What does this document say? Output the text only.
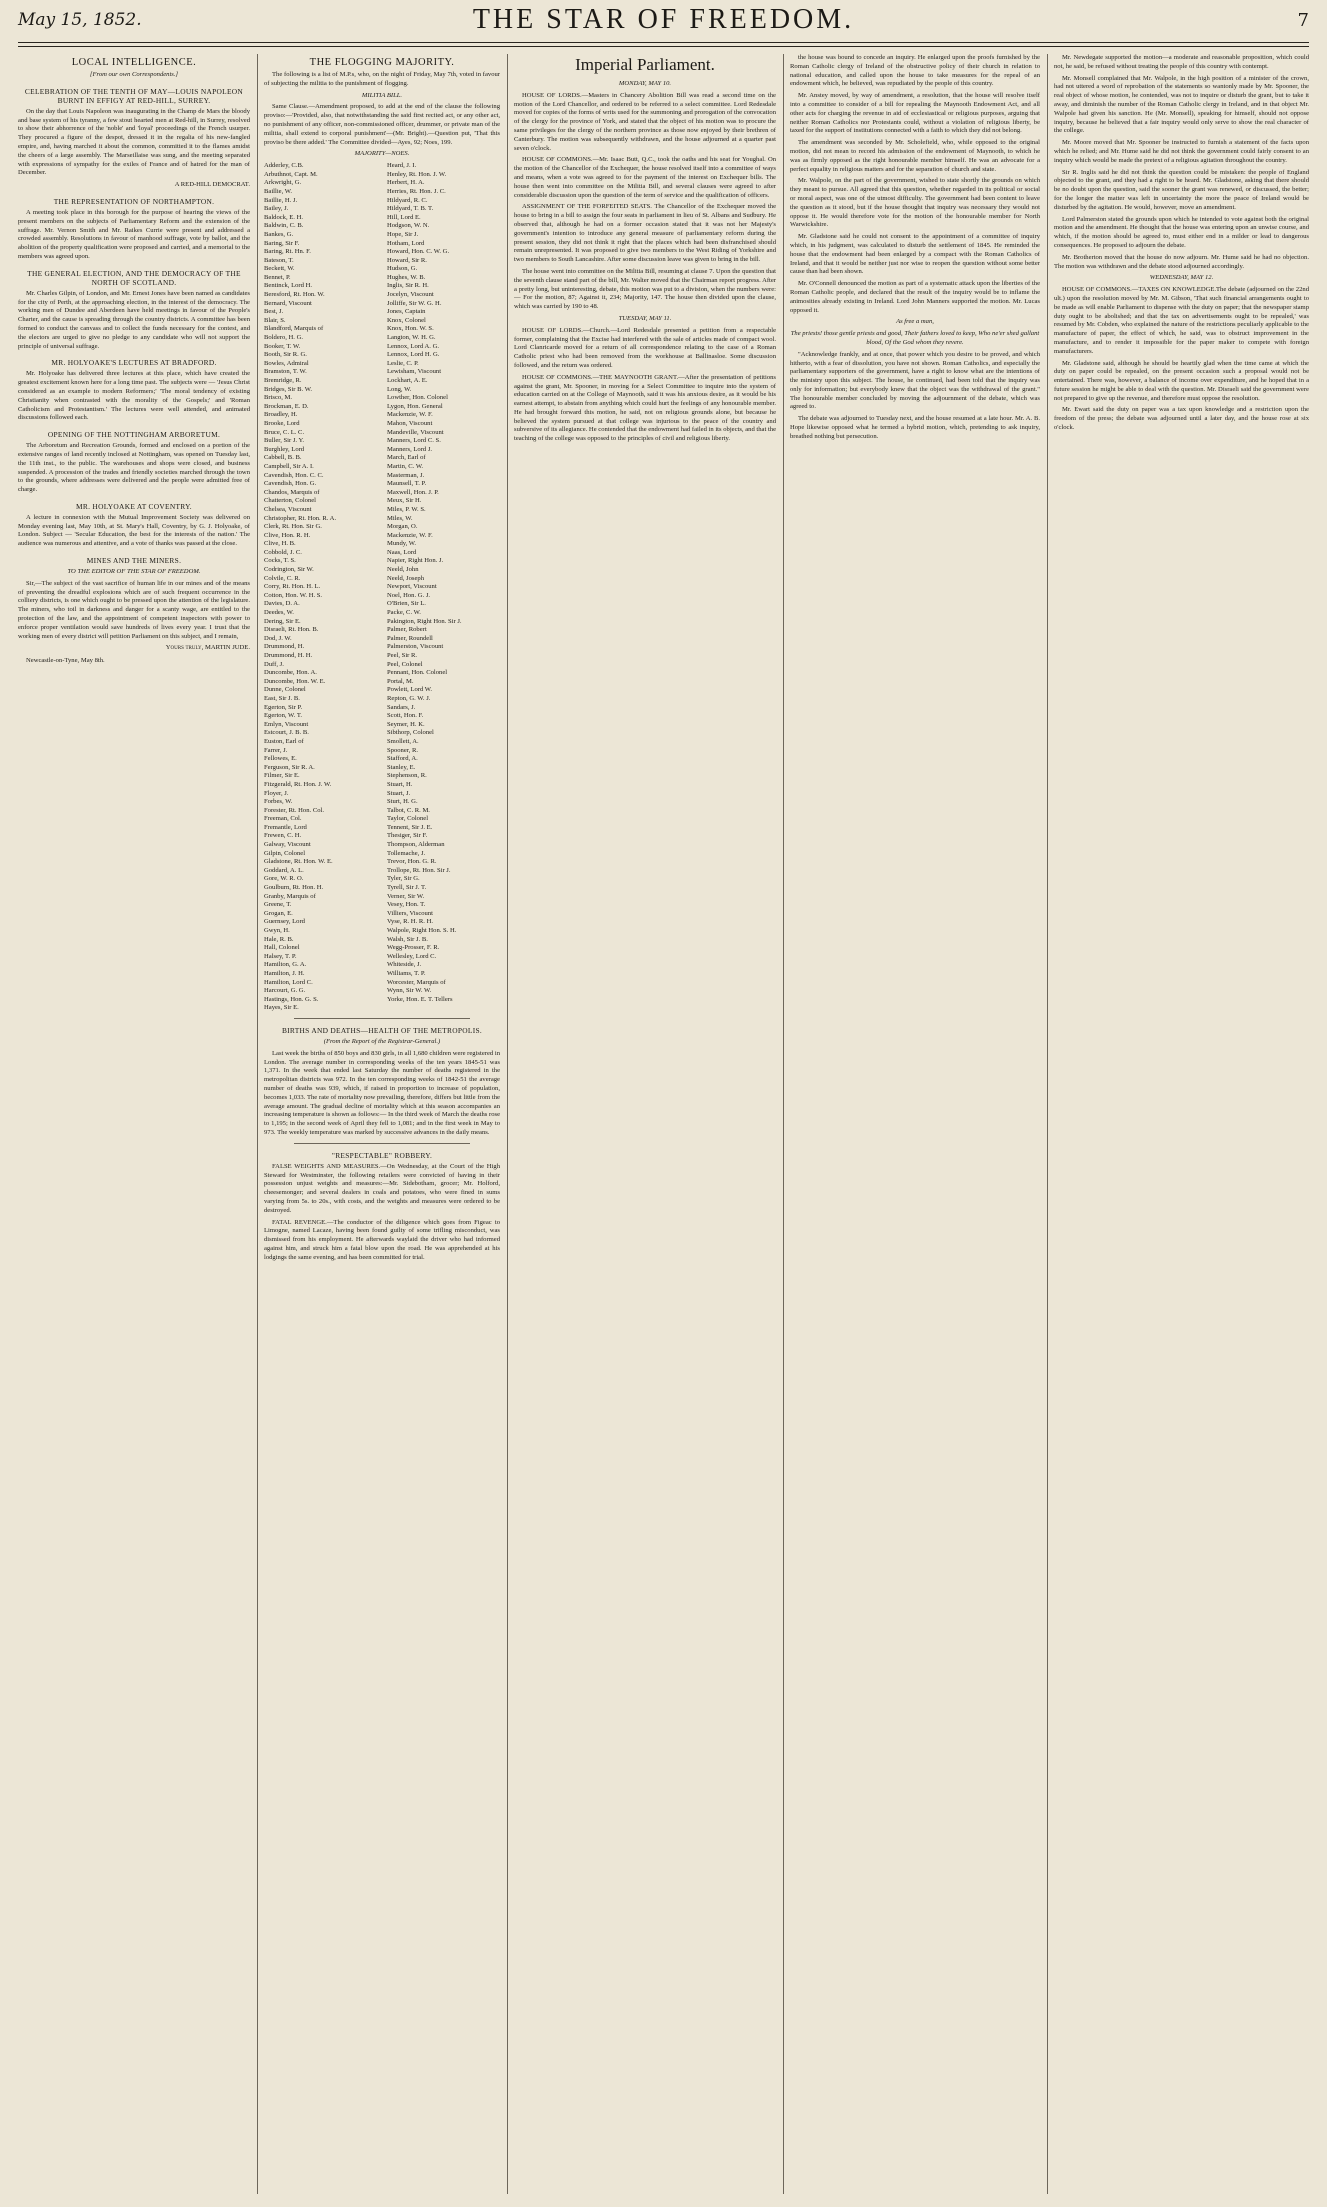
May 15, 1852.	THE STAR OF FREEDOM.	7
LOCAL INTELLIGENCE.
[From our own Correspondents.]
CELEBRATION OF THE TENTH OF MAY—LOUIS NAPOLEON BURNT IN EFFIGY AT RED-HILL, SURREY.

On the day that Louis Napoleon was inaugurating in the Champ de Mars the bloody and base system of his tyranny, a few stout hearted men at Red-hill, in Surrey, resolved to show their abhorrence of the 'noble' and 'loyal' proceedings of the French usurper. They procured a figure of the despot, dressed it in the regalia of his new-fangled empire, and, having marched it about the common, committed it to the flames amidst the cheers of a large assembly. The Marseillaise was sung, and the meeting separated with expressions of sympathy for the exiles of France and of hatred for the man of December.

A RED-HILL DEMOCRAT.
THE REPRESENTATION OF NORTHAMPTON.

A meeting took place in this borough for the purpose of hearing the views of the present members on the subjects of Parliamentary Reform and the extension of the suffrage. Mr. Vernon Smith and Mr. Raikes Currie were present and addressed a crowded assembly. Resolutions in favour of manhood suffrage, vote by ballot, and the abolition of the property qualification were proposed and carried, and a memorial to the members was agreed upon.

THE GENERAL ELECTION, AND THE DEMOCRACY OF THE NORTH OF SCOTLAND.

Mr. Charles Gilpin, of London, and Mr. Ernest Jones have been named as candidates for the city of Perth, at the approaching election, in the interest of the democracy. The working men of Dundee and Aberdeen have held meetings in favour of the People's Charter, and the cause is spreading through the country districts. A committee has been formed to conduct the canvass and to collect the funds necessary for the contest, and the electors are urged to give no pledge to any candidate who will not support the principle of universal suffrage.

MR. HOLYOAKE'S LECTURES AT BRADFORD.

Mr. Holyoake has delivered three lectures at this place, which have created the greatest excitement known here for a long time past. The subjects were — 'Jesus Christ considered as an example to modern Reformers;' 'The moral tendency of existing Christianity when contrasted with the morality of the Gospels;' and 'Roman Catholicism and Protestantism.' The lectures were well attended, and animated discussions followed each.

OPENING OF THE NOTTINGHAM ARBORETUM.

The Arboretum and Recreation Grounds, formed and enclosed on a portion of the extensive ranges of land recently inclosed at Nottingham, was opened on Tuesday last, the 11th inst., to the public. The warehouses and shops were closed, and business suspended. A procession of the trades and friendly societies marched through the town to the grounds, where addresses were delivered and the people were admitted free of charge.

MR. HOLYOAKE AT COVENTRY.

A lecture in connexion with the Mutual Improvement Society was delivered on Monday evening last, May 10th, at St. Mary's Hall, Coventry, by G. J. Holyoake, of London. Subject — 'Secular Education, the best for the interests of the nation.' The audience was numerous and attentive, and a vote of thanks was passed at the close.

MINES AND THE MINERS.
TO THE EDITOR OF THE STAR OF FREEDOM.

Sir,—The subject of the vast sacrifice of human life in our mines and of the means of preventing the dreadful explosions which are of such frequent occurrence in the colliery districts, is one which ought to be pressed upon the attention of the legislature. The miners, who toil in darkness and danger for a scanty wage, are entitled to the protection of the law, and the appointment of competent inspectors with power to enforce proper ventilation would save hundreds of lives every year. I trust that the working men of every district will petition Parliament on this subject, and I remain,

Yours truly, MARTIN JUDE.

Newcastle-on-Tyne, May 8th.

THE FLOGGING MAJORITY.

The following is a list of M.P.s, who, on the night of Friday, May 7th, voted in favour of subjecting the militia to the punishment of flogging.

MILITIA BILL.

Same Clause.—Amendment proposed, to add at the end of the clause the following proviso:—'Provided, also, that notwithstanding the said first recited act, or any other act, no punishment of any officer, non-commissioned officer, drummer, or private man of the militia, shall extend to corporal punishment'—(Mr. Bright).—Question put, 'That this proviso be there added.' The Committee divided—Ayes, 92; Noes, 199.

MAJORITY—NOES.
Adderley, C.B.
Arbuthnot, Capt. M.
Arkwright, G.
Baillie, W.
Baillie, H. J.
Bailey, J.
Baldock, E. H.
Baldwin, C. B.
Bankes, G.
Baring, Sir F.
Baring, Rt. Hn. F.
Bateson, T.
Beckett, W.
Bennet, P.
Bentinck, Lord H.
Beresford, Rt. Hon. W.
Bernard, Viscount
Best, J.
Blair, S.
Blandford, Marquis of
Boldero, H. G.
Booker, T. W.
Booth, Sir R. G.
Bowles, Admiral
Bramston, T. W.
Bremridge, R.
Bridges, Sir B. W.
Brisco, M.
Brockman, E. D.
Broadley, H.
Brooke, Lord
Bruce, C. L. C.
Buller, Sir J. Y.
Burghley, Lord
Cabbell, B. B.
Campbell, Sir A. I.
Cavendish, Hon. C. C.
Cavendish, Hon. G.
Chandos, Marquis of
Chatterton, Colonel
Chelsea, Viscount
Christopher, Rt. Hon. R. A.
Clerk, Rt. Hon. Sir G.
Clive, Hon. R. H.
Clive, H. B.
Cobbold, J. C.
Cocks, T. S.
Codrington, Sir W.
Colvile, C. R.
Corry, Rt. Hon. H. L.
Cotton, Hon. W. H. S.
Davies, D. A.
Deedes, W.
Dering, Sir E.
Disraeli, Rt. Hon. B.
Dod, J. W.
Drummond, H.
Drummond, H. H.
Duff, J.
Duncombe, Hon. A.
Duncombe, Hon. W. E.
Dunne, Colonel
East, Sir J. B.
Egerton, Sir P.
Egerton, W. T.
Emlyn, Viscount
Estcourt, J. B. B.
Euston, Earl of
Farrer, J.
Fellowes, E.
Ferguson, Sir R. A.
Filmer, Sir E.
Fitzgerald, Rt. Hon. J. W.
Floyer, J.
Forbes, W.
Forester, Rt. Hon. Col.
Freeman, Col.
Fremantle, Lord
Frewen, C. H.
Galway, Viscount
Gilpin, Colonel
Gladstone, Rt. Hon. W. E.
Goddard, A. L.
Gore, W. R. O.
Goulburn, Rt. Hon. H.
Granby, Marquis of
Greene, T.
Grogan, E.
Guernsey, Lord
Gwyn, H.
Hale, R. B.
Hall, Colonel
Halsey, T. P.
Hamilton, G. A.
Hamilton, J. H.
Hamilton, Lord C.
Harcourt, G. G.
Hastings, Hon. G. S.
Hayes, Sir E.
Heard, J. I.
Henley, Rt. Hon. J. W.
Herbert, H. A.
Herries, Rt. Hon. J. C.
Hildyard, R. C.
Hildyard, T. B. T.
Hill, Lord E.
Hodgson, W. N.
Hope, Sir J.
Hotham, Lord
Howard, Hon. C. W. G.
Howard, Sir R.
Hudson, G.
Hughes, W. B.
Inglis, Sir R. H.
Jocelyn, Viscount
Jolliffe, Sir W. G. H.
Jones, Captain
Knox, Colonel
Knox, Hon. W. S.
Langton, W. H. G.
Lennox, Lord A. G.
Lennox, Lord H. G.
Leslie, C. P.
Lewisham, Viscount
Lockhart, A. E.
Long, W.
Lowther, Hon. Colonel
Lygon, Hon. General
Mackenzie, W. F.
Mahon, Viscount
Mandeville, Viscount
Manners, Lord C. S.
Manners, Lord J.
March, Earl of
Martin, C. W.
Masterman, J.
Maunsell, T. P.
Maxwell, Hon. J. P.
Meux, Sir H.
Miles, P. W. S.
Miles, W.
Morgan, O.
Mackenzie, W. F.
Mundy, W.
Naas, Lord
Napier, Right Hon. J.
Neeld, John
Neeld, Joseph
Newport, Viscount
Noel, Hon. G. J.
O'Brien, Sir L.
Packe, C. W.
Pakington, Right Hon. Sir J.
Palmer, Robert
Palmer, Roundell
Palmerston, Viscount
Peel, Sir R.
Peel, Colonel
Pennant, Hon. Colonel
Portal, M.
Powlett, Lord W.
Repton, G. W. J.
Sandars, J.
Scott, Hon. F.
Seymer, H. K.
Sibthorp, Colonel
Smollett, A.
Spooner, R.
Stafford, A.
Stanley, E.
Stephenson, R.
Stuart, H.
Stuart, J.
Sturt, H. G.
Talbot, C. R. M.
Taylor, Colonel
Tennent, Sir J. E.
Thesiger, Sir F.
Thompson, Alderman
Tollemache, J.
Trevor, Hon. G. R.
Trollope, Rt. Hon. Sir J.
Tyler, Sir G.
Tyrell, Sir J. T.
Verner, Sir W.
Vesey, Hon. T.
Villiers, Viscount
Vyse, R. H. R. H.
Walpole, Right Hon. S. H.
Walsh, Sir J. B.
Wegg-Prosser, F. R.
Wellesley, Lord C.
Whiteside, J.
Williams, T. P.
Worcester, Marquis of
Wynn, Sir W. W.
Yorke, Hon. E. T. Tellers
BIRTHS AND DEATHS—HEALTH OF THE METROPOLIS.
(From the Report of the Registrar-General.)

Last week the births of 850 boys and 830 girls, in all 1,680 children were registered in London. The average number in corresponding weeks of the ten years 1845-51 was 1,371. In the week that ended last Saturday the number of deaths registered in the metropolitan districts was 972. In the ten corresponding weeks of 1842-51 the average number of deaths was 939, which, if raised in proportion to increase of population, becomes 1,033. The rate of mortality now prevailing, therefore, differs but little from the average amount. The gradual decline of mortality which at this season accompanies an increasing temperature is shown as follows:— In the third week of March the deaths rose to 1,195; in the second week of April they fell to 1,081; and in the first week in May to 973. The weekly temperature was marked by successive advances in the daily means.

"RESPECTABLE" ROBBERY.

FALSE WEIGHTS AND MEASURES.—On Wednesday, at the Court of the High Steward for Westminster, the following retailers were convicted of having in their possession unjust weights and measures:—Mr. Sidebotham, grocer; Mr. Holford, cheesemonger; and several dealers in coals and potatoes, who were fined in sums varying from 5s. to 20s., with costs, and the weights and measures were ordered to be destroyed.

FATAL REVENGE.—The conductor of the diligence which goes from Figeac to Limogne, named Lacaze, having been found guilty of some trifling misconduct, was dismissed from his employment. He afterwards waylaid the driver who had informed against him, and struck him a fatal blow upon the road. He was apprehended at his lodgings the same evening, and has been committed for trial.

Imperial Parliament.
MONDAY, MAY 10.

HOUSE OF LORDS.—Masters in Chancery Abolition Bill was read a second time on the motion of the Lord Chancellor, and ordered to be referred to a select committee. Lord Redesdale moved for copies of the forms of writs used for the summoning and prorogation of the convocation of the clergy for the province of York, and stated that the object of his motion was to procure the same privileges for the clergy of the northern province as those now enjoyed by their brethren of Canterbury. The motion was subsequently withdrawn, and the house adjourned at a quarter past seven o'clock.

HOUSE OF COMMONS.—Mr. Isaac Butt, Q.C., took the oaths and his seat for Youghal. On the motion of the Chancellor of the Exchequer, the house resolved itself into a committee of ways and means, when a vote was agreed to for the payment of the interest on Exchequer bills. The house then went into committee on the Militia Bill, and several clauses were agreed to after considerable discussion upon the question of the term of service and the qualification of officers.

ASSIGNMENT OF THE FORFEITED SEATS. The Chancellor of the Exchequer moved the house to bring in a bill to assign the four seats in parliament in lieu of St. Albans and Sudbury. He observed that, although he had on a former occasion stated that it was not her Majesty's government's intention to introduce any general measure of parliamentary reform during the present session, they did not think it right that the places which had been disfranchised should remain unrepresented. It was proposed to give two members to the West Riding of Yorkshire and two members to South Lancashire. After some discussion leave was given to bring in the bill.

The house went into committee on the Militia Bill, resuming at clause 7. Upon the question that the seventh clause stand part of the bill, Mr. Walter moved that the Chairman report progress. After a pretty long, but uninteresting, debate, this motion was put to a division, when the numbers were:— For the motion, 87; Against it, 234; Majority, 147. The house then divided upon the clause, which was carried by 190 to 48.

TUESDAY, MAY 11.

HOUSE OF LORDS.—Church.—Lord Redesdale presented a petition from a respectable former, complaining that the Excise had interfered with the sale of articles made of compact wool. Lord Clanricarde moved for a return of all correspondence relating to the case of a Roman Catholic priest who had been removed from the workhouse at Ballinasloe. Some discussion followed, and the return was ordered.

HOUSE OF COMMONS.—THE MAYNOOTH GRANT.—After the presentation of petitions against the grant, Mr. Spooner, in moving for a Select Committee to inquire into the system of education carried on at the College of Maynooth, said it was his anxious desire, as it would be his earnest attempt, to abstain from anything which could hurt the feelings of any honourable member. He had brought forward this motion, he said, not on religious grounds alone, but because he believed the system pursued at that college was injurious to the peace of the country and subversive of its allegiance. He contended that the endowment had failed in its objects, and that the teaching of the college was opposed to the principles of civil and religious liberty.

the house was bound to concede an inquiry. He enlarged upon the proofs furnished by the Roman Catholic clergy of Ireland of the obstructive policy of their church in relation to national education, and called upon the house to take measures for the repeal of an endowment which, he believed, was repudiated by the people of this country.

Mr. Anstey moved, by way of amendment, a resolution, that the house will resolve itself into a committee to consider of a bill for repealing the Maynooth Endowment Act, and all other acts for charging the revenue in aid of ecclesiastical or religious purposes, arguing that neither Roman Catholics nor Protestants could, without a violation of religious liberty, be taxed for the support of institutions connected with a faith to which they did not belong.

The amendment was seconded by Mr. Scholefield, who, while opposed to the original motion, did not mean to record his admission of the endowment of Maynooth, to which he was as firmly opposed as the right honourable member himself. He was an advocate for a perfect equality in religious matters and for the separation of church and state.

Mr. Walpole, on the part of the government, wished to state shortly the grounds on which they meant to pursue. All agreed that this question, whether regarded in its political or social or moral aspect, was one of the utmost difficulty. The government had been content to leave the question as it stood, but if the house thought that inquiry was necessary they would not oppose it. He would therefore vote for the motion of the honourable member for North Warwickshire.

Mr. Gladstone said he could not consent to the appointment of a committee of inquiry which, in his judgment, was calculated to disturb the settlement of 1845. He reminded the house that the endowment had been enlarged by a compact with the Roman Catholics of Ireland, and that it would be neither just nor wise to reopen the question without some better cause than had been shown.

Mr. O'Connell denounced the motion as part of a systematic attack upon the liberties of the Roman Catholic people, and declared that the result of the inquiry would be to inflame the animosities already existing in Ireland. Lord John Manners supported the motion. Mr. Lucas opposed it.

As free a man,
The priests! those gentle priests and good, Their fathers loved to keep, Who ne'er shed gallant blood, Of the God whom they revere.

"Acknowledge frankly, and at once, that power which you desire to be proved, and which hitherto, with a fear of dissolution, you have not shown. Roman Catholics, and especially the parliamentary supporters of the government, have a right to know what are the intentions of the ministry upon this subject. The house, he continued, had been told that the inquiry was only for information; but everybody knew that the object was the withdrawal of the grant." The honourable member concluded by moving the adjournment of the debate, which was agreed to.

The debate was adjourned to Tuesday next, and the house resumed at a late hour. Mr. A. B. Hope likewise opposed what he termed a hybrid motion, which, pretending to ask inquiry, breathed nothing but persecution.

Mr. Newdegate supported the motion—a moderate and reasonable proposition, which could not, he said, be refused without treating the people of this country with contempt.

Mr. Monsell complained that Mr. Walpole, in the high position of a minister of the crown, had not uttered a word of reprobation of the statements so wantonly made by Mr. Spooner, the real object of whose motion, he contended, was not to inquire or disturb the grant, but to take it away, and diminish the number of the Roman Catholic clergy in Ireland, and in that object Mr. Walpole had given his sanction. He (Mr. Monsell), speaking for himself, should not oppose inquiry, because he believed that a fair inquiry would only serve to show the real character of the college.

Mr. Moore moved that Mr. Spooner be instructed to furnish a statement of the facts upon which he relied; and Mr. Hume said he did not think the government could fairly consent to an inquiry which would be made the pretext of a religious agitation throughout the country.

Sir R. Inglis said he did not think the question could be mistaken: the people of England objected to the grant, and they had a right to be heard. Mr. Gladstone, asking that there should be no doubt upon the question, said the sooner the grant was renewed, or discussed, the better; for the longer the matter was left in uncertainty the more the peace of Ireland would be disturbed by the agitation. He would, however, move an amendment.

Lord Palmerston stated the grounds upon which he intended to vote against both the original motion and the amendment. He thought that the house was entering upon an unwise course, and which, if the motion should be agreed to, must either end in a milder or lead to dangerous consequences. He proposed to adjourn the debate.

Mr. Brotherton moved that the house do now adjourn. Mr. Hume said he had no objection. The motion was withdrawn and the debate stood adjourned accordingly.

WEDNESDAY, MAY 12.

HOUSE OF COMMONS.—TAXES ON KNOWLEDGE.The debate (adjourned on the 22nd ult.) upon the resolution moved by Mr. M. Gibson, 'That such financial arrangements ought to be made as will enable Parliament to dispense with the duty on paper; that the newspaper stamp duty ought to be abolished; and that the tax on advertisements ought to be repealed,' was resumed by Mr. Cobden, who explained the nature of the restrictions peculiarly applicable to the manufacture of paper, the effect of which, he said, was to obstruct improvement in the manufacture, and to render it impossible for the paper maker to compete with foreign manufacturers.

Mr. Gladstone said, although he should be heartily glad when the time came at which the duty on paper could be repealed, on the present occasion such a proposal would not be entertained. There was, however, a balance of income over expenditure, and he hoped that in a future session he might be able to deal with the question. Mr. Disraeli said the government were not prepared to give up the revenue, and therefore must oppose the resolution.

Mr. Ewart said the duty on paper was a tax upon knowledge and a restriction upon the freedom of the press; the debate was adjourned until a later day, and the house rose at six o'clock.
